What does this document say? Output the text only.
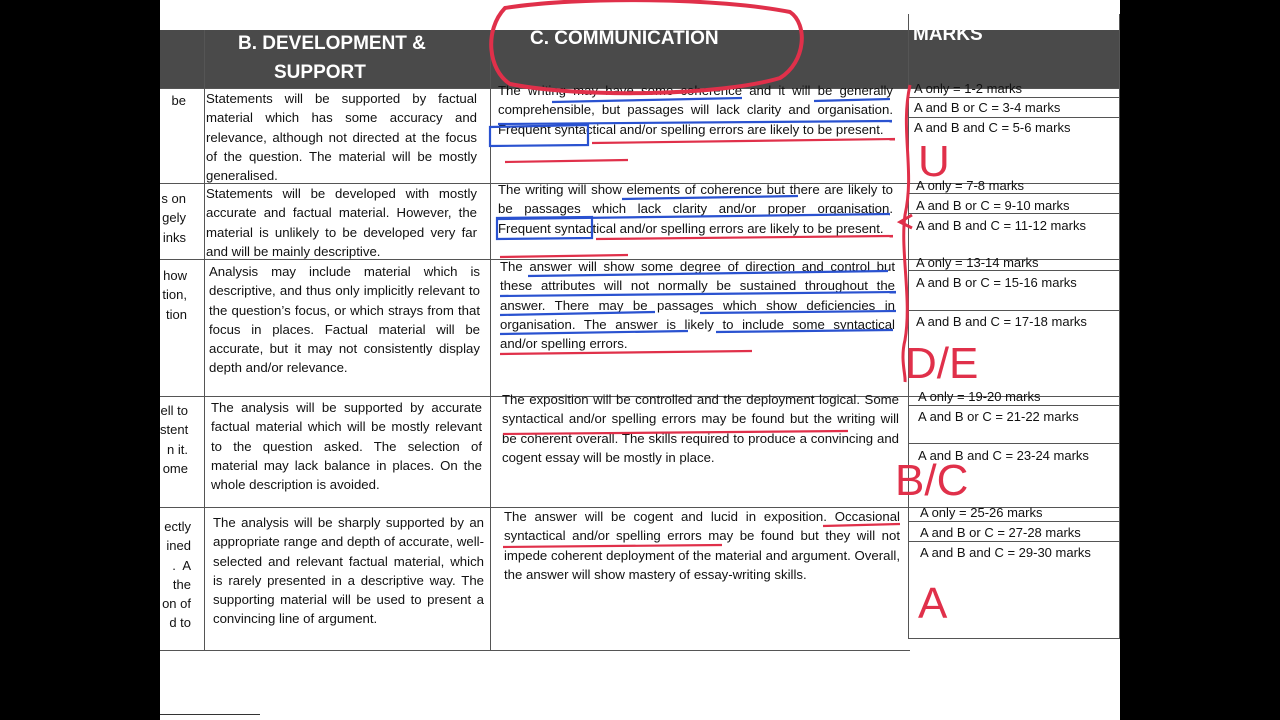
B. DEVELOPMENT &
SUPPORT
C. COMMUNICATION	MARKS
be Statements will be supported by factual material which has some accuracy and relevance, although not directed at the focus of the question. The material will be mostly generalised.
The writing may have some coherence and it will be generally comprehensible, but passages will lack clarity and organisation. Frequent syntactical and/or spelling errors are likely to be present.
A only = 1-2 marks
A and B or C = 3-4 marks
A and B and C = 5-6 marks
s on
gely
inks
Statements will be developed with mostly accurate and factual material. However, the material is unlikely to be developed very far and will be mainly descriptive.
The writing will show elements of coherence but there are likely to be passages which lack clarity and/or proper organisation. Frequent syntactical and/or spelling errors are likely to be present.
A only = 7-8 marks
A and B or C = 9-10 marks
A and B and C = 11-12 marks
how
tion,
tion
Analysis may include material which is descriptive, and thus only implicitly relevant to the question’s focus, or which strays from that focus in places. Factual material will be accurate, but it may not consistently display depth and/or relevance.
The answer will show some degree of direction and control but these attributes will not normally be sustained throughout the answer. There may be passages which show deficiencies in organisation. The answer is likely to include some syntactical and/or spelling errors.
A only = 13-14 marks
A and B or C = 15-16 marks
A and B and C = 17-18 marks
ell to
stent
n it.
ome
The analysis will be supported by accurate factual material which will be mostly relevant to the question asked. The selection of material may lack balance in places. On the whole description is avoided.
The exposition will be controlled and the deployment logical. Some syntactical and/or spelling errors may be found but the writing will be coherent overall. The skills required to produce a convincing and cogent essay will be mostly in place.
A only = 19-20 marks
A and B or C = 21-22 marks
A and B and C = 23-24 marks
ectly
ined
.  A
the
on of
d to
The analysis will be sharply supported by an appropriate range and depth of accurate, well-selected and relevant factual material, which is rarely presented in a descriptive way. The supporting material will be used to present a convincing line of argument.
The answer will be cogent and lucid in exposition. Occasional syntactical and/or spelling errors may be found but they will not impede coherent deployment of the material and argument. Overall, the answer will show mastery of essay-writing skills.
A only = 25-26 marks
A and B or C = 27-28 marks
A and B and C = 29-30 marks
U
D/E
B/C
A
